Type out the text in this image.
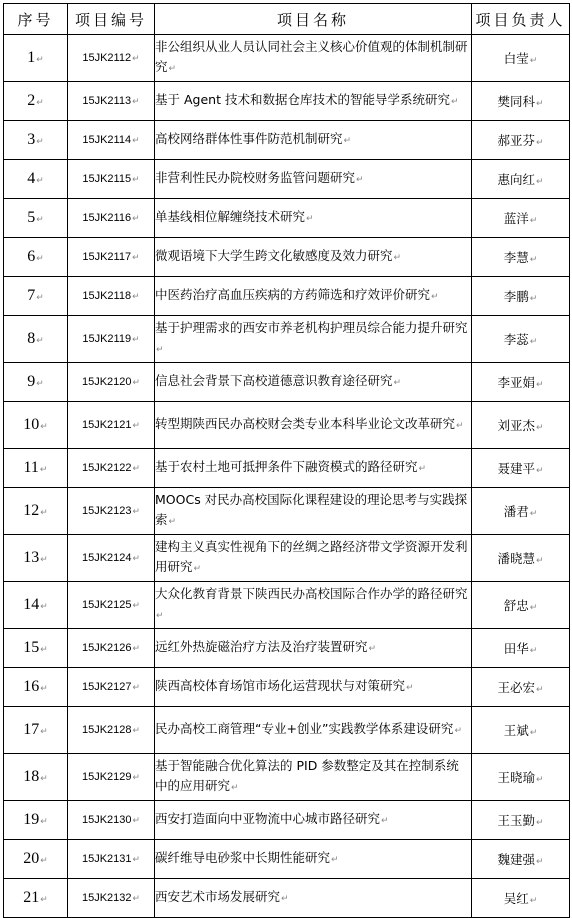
序号	项目编号	项目名称	项目负责人
1↵	15JK2112↵	非公组织从业人员认同社会主义核心价值观的体制机制研究↵	白莹↵
2↵	15JK2113↵	基于 Agent 技术和数据仓库技术的智能导学系统研究↵	樊同科↵
3↵	15JK2114↵	高校网络群体性事件防范机制研究↵	郝亚芬↵
4↵	15JK2115↵	非营利性民办院校财务监管问题研究↵	惠向红↵
5↵	15JK2116↵	单基线相位解缠绕技术研究↵	蓝洋↵
6↵	15JK2117↵	微观语境下大学生跨文化敏感度及效力研究↵	李慧↵
7↵	15JK2118↵	中医药治疗高血压疾病的方药筛选和疗效评价研究↵	李鹏↵
8↵	15JK2119↵	基于护理需求的西安市养老机构护理员综合能力提升研究↵	李蕊↵
9↵	15JK2120↵	信息社会背景下高校道德意识教育途径研究↵	李亚娟↵
10↵	15JK2121↵	转型期陕西民办高校财会类专业本科毕业论文改革研究↵	刘亚杰↵
11↵	15JK2122↵	基于农村土地可抵押条件下融资模式的路径研究↵	聂建平↵
12↵	15JK2123↵	MOOCs 对民办高校国际化课程建设的理论思考与实践探索↵	潘君↵
13↵	15JK2124↵	建构主义真实性视角下的丝绸之路经济带文学资源开发利用研究↵	潘晓慧↵
14↵	15JK2125↵	大众化教育背景下陕西民办高校国际合作办学的路径研究↵	舒忠↵
15↵	15JK2126↵	远红外热旋磁治疗方法及治疗装置研究↵	田华↵
16↵	15JK2127↵	陕西高校体育场馆市场化运营现状与对策研究↵	王必宏↵
17↵	15JK2128↵	民办高校工商管理“专业+创业”实践教学体系建设研究↵	王斌↵
18↵	15JK2129↵	基于智能融合优化算法的 PID 参数整定及其在控制系统中的应用研究↵	王晓瑜↵
19↵	15JK2130↵	西安打造面向中亚物流中心城市路径研究↵	王玉勤↵
20↵	15JK2131↵	碳纤维导电砂浆中长期性能研究↵	魏建强↵
21↵	15JK2132↵	西安艺术市场发展研究↵	吴红↵
